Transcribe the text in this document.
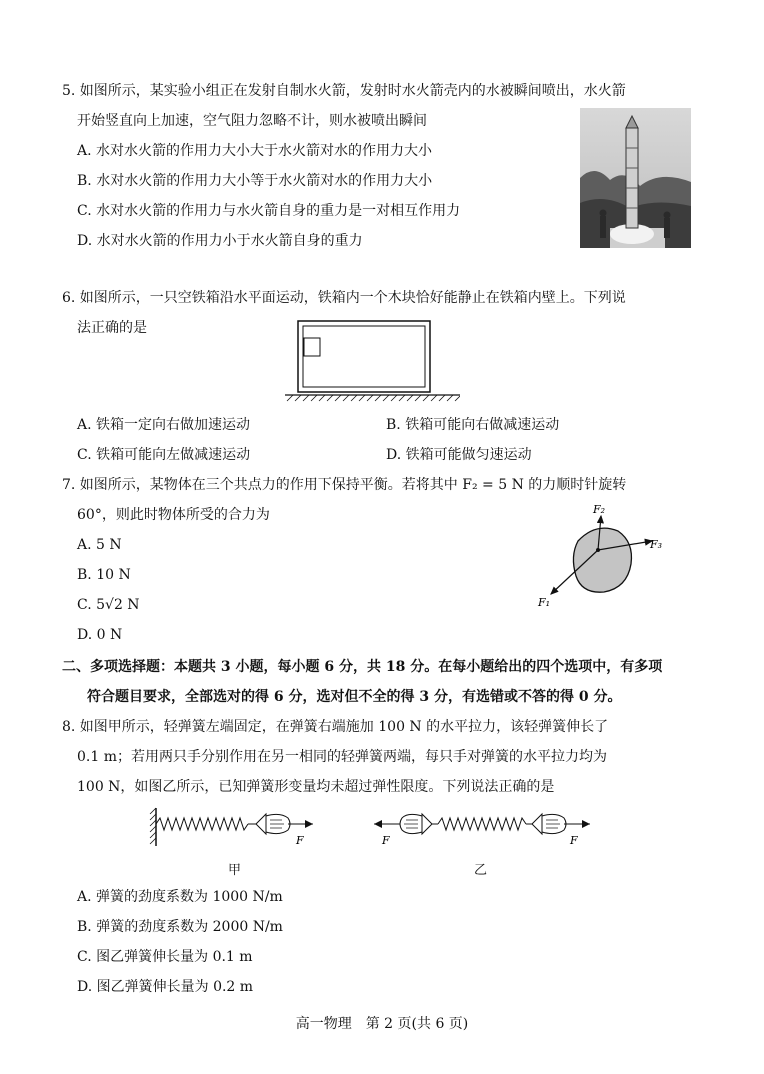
5. 如图所示，某实验小组正在发射自制水火箭，发射时水火箭壳内的水被瞬间喷出，水火箭
开始竖直向上加速，空气阻力忽略不计，则水被喷出瞬间
A. 水对水火箭的作用力大小大于水火箭对水的作用力大小
B. 水对水火箭的作用力大小等于水火箭对水的作用力大小
C. 水对水火箭的作用力与水火箭自身的重力是一对相互作用力
D. 水对水火箭的作用力小于水火箭自身的重力
6. 如图所示，一只空铁箱沿水平面运动，铁箱内一个木块恰好能静止在铁箱内壁上。下列说
法正确的是
A. 铁箱一定向右做加速运动	B. 铁箱可能向右做减速运动
C. 铁箱可能向左做减速运动	D. 铁箱可能做匀速运动
7. 如图所示，某物体在三个共点力的作用下保持平衡。若将其中 F₂ = 5 N 的力顺时针旋转
60°，则此时物体所受的合力为
A. 5 N
B. 10 N
C. 5√2 N
D. 0 N
F₂
F₃
F₁
二、多项选择题：本题共 3 小题，每小题 6 分，共 18 分。在每小题给出的四个选项中，有多项
符合题目要求，全部选对的得 6 分，选对但不全的得 3 分，有选错或不答的得 0 分。
8. 如图甲所示，轻弹簧左端固定，在弹簧右端施加 100 N 的水平拉力，该轻弹簧伸长了
0.1 m；若用两只手分别作用在另一相同的轻弹簧两端，每只手对弹簧的水平拉力均为
100 N，如图乙所示，已知弹簧形变量均未超过弹性限度。下列说法正确的是
F
甲
F	F
乙
A. 弹簧的劲度系数为 1000 N/m
B. 弹簧的劲度系数为 2000 N/m
C. 图乙弹簧伸长量为 0.1 m
D. 图乙弹簧伸长量为 0.2 m
高一物理　第 2 页(共 6 页)
